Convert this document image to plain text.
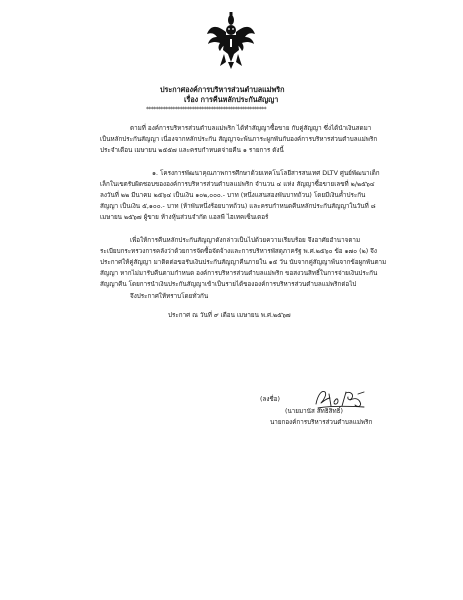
ประกาศองค์การบริหารส่วนตำบลแม่พริก
เรื่อง การคืนหลักประกันสัญญา
**************************************************
ตามที่ องค์การบริหารส่วนตำบลแม่พริก ได้ทำสัญญาซื้อขาย กับคู่สัญญา ซึ่งได้นำเงินสดมา
เป็นหลักประกันสัญญา เนื่องจากหลักประกัน สัญญาจะพ้นภาระผูกพันกับองค์การบริหารส่วนตำบลแม่พริก
ประจำเดือน เมษายน ๒๕๕๗ และครบกำหนดจ่ายคืน ๑ รายการ ดังนี้
๑. โครงการพัฒนาคุณภาพการศึกษาด้วยเทคโนโลยีสารสนเทศ DLTV ศูนย์พัฒนาเด็ก
เล็กในเขตรับผิดชอบขององค์การบริหารส่วนตำบลแม่พริก จำนวน ๔ แห่ง สัญญาซื้อขายเลขที่ ๒/๒๕๖๔
ลงวันที่ ๒๒ มีนาคม ๒๕๖๔ เป็นเงิน ๑๐๒,๐๐๐.- บาท (หนึ่งแสนสองพันบาทถ้วน) โดยมีเงินค้ำประกัน
สัญญา เป็นเงิน ๕,๑๐๐.- บาท (ห้าพันหนึ่งร้อยบาทถ้วน) และครบกำหนดคืนหลักประกันสัญญาในวันที่ ๘
เมษายน ๒๕๖๗ ผู้ขาย ห้างหุ้นส่วนจำกัด แอลพี ไฮเทคเซ็นเตอร์
เพื่อให้การคืนหลักประกันสัญญาดังกล่าวเป็นไปด้วยความเรียบร้อย จึงอาศัยอำนาจตาม
ระเบียบกระทรวงการคลังว่าด้วยการจัดซื้อจัดจ้างและการบริหารพัสดุภาครัฐ พ.ศ.๒๕๖๐ ข้อ ๑๗๐ (๒) จึง
ประกาศให้คู่สัญญา มาติดต่อขอรับเงินประกันสัญญาคืนภายใน ๑๕ วัน นับจากคู่สัญญาพ้นจากข้อผูกพันตาม
สัญญา หากไม่มารับคืนตามกำหนด องค์การบริหารส่วนตำบลแม่พริก ขอสงวนสิทธิ์ในการจ่ายเงินประกัน
สัญญาคืน โดยการนำเงินประกันสัญญาเข้าเป็นรายได้ขององค์การบริหารส่วนตำบลแม่พริกต่อไป
จึงประกาศให้ทราบโดยทั่วกัน
ประกาศ ณ วันที่ ๙ เดือน เมษายน พ.ศ.๒๕๖๗
(ลงชื่อ)
(นายมานัส สัทธิสิทธิ์)
นายกองค์การบริหารส่วนตำบลแม่พริก
